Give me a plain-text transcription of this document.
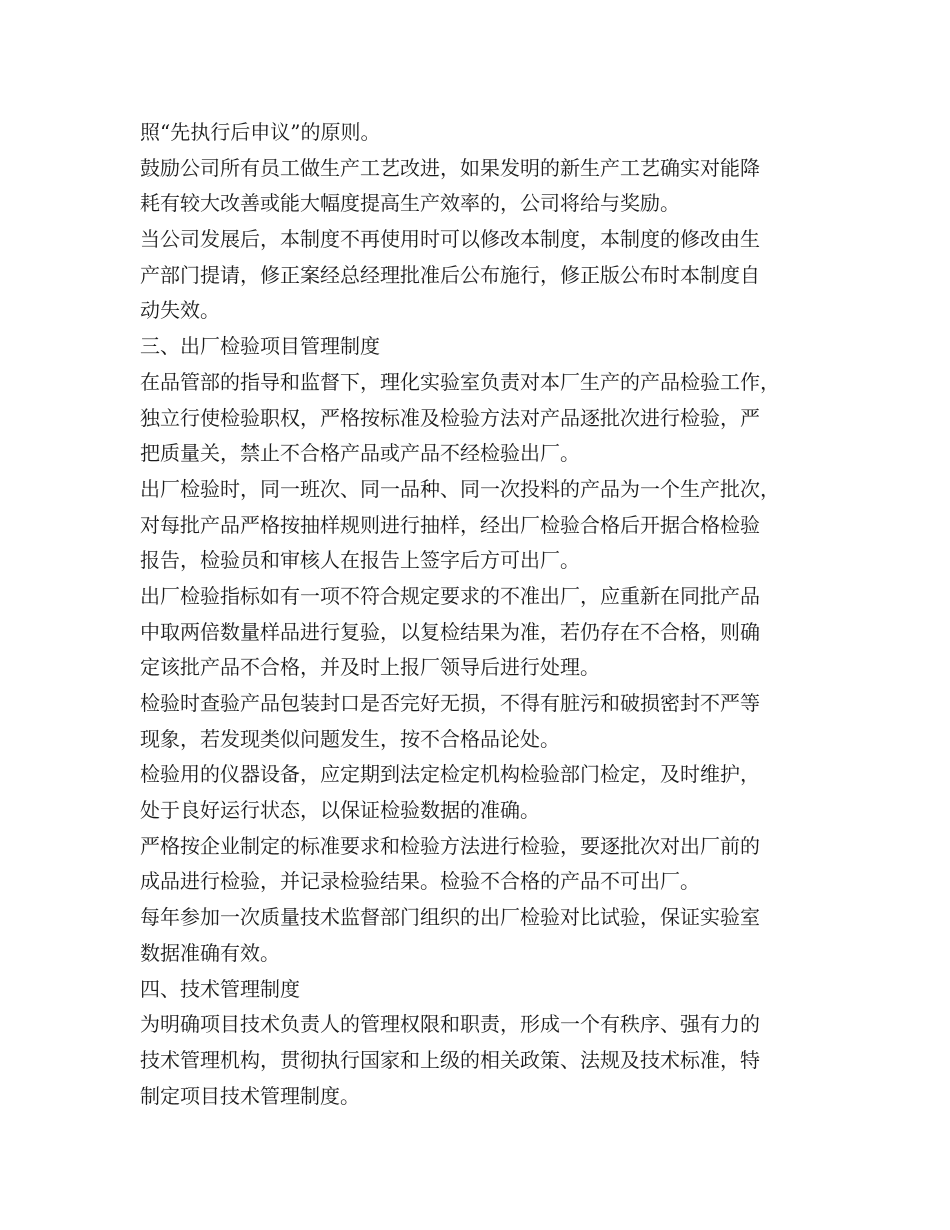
照“先执行后申议”的原则。
鼓励公司所有员工做生产工艺改进，如果发明的新生产工艺确实对能降
耗有较大改善或能大幅度提高生产效率的，公司将给与奖励。
当公司发展后，本制度不再使用时可以修改本制度，本制度的修改由生
产部门提请，修正案经总经理批准后公布施行，修正版公布时本制度自
动失效。
三、出厂检验项目管理制度
在品管部的指导和监督下，理化实验室负责对本厂生产的产品检验工作，
独立行使检验职权，严格按标准及检验方法对产品逐批次进行检验，严
把质量关，禁止不合格产品或产品不经检验出厂。
出厂检验时，同一班次、同一品种、同一次投料的产品为一个生产批次，
对每批产品严格按抽样规则进行抽样，经出厂检验合格后开据合格检验
报告，检验员和审核人在报告上签字后方可出厂。
出厂检验指标如有一项不符合规定要求的不准出厂，应重新在同批产品
中取两倍数量样品进行复验，以复检结果为准，若仍存在不合格，则确
定该批产品不合格，并及时上报厂领导后进行处理。
检验时查验产品包装封口是否完好无损，不得有脏污和破损密封不严等
现象，若发现类似问题发生，按不合格品论处。
检验用的仪器设备，应定期到法定检定机构检验部门检定，及时维护，
处于良好运行状态，以保证检验数据的准确。
严格按企业制定的标准要求和检验方法进行检验，要逐批次对出厂前的
成品进行检验，并记录检验结果。检验不合格的产品不可出厂。
每年参加一次质量技术监督部门组织的出厂检验对比试验，保证实验室
数据准确有效。
四、技术管理制度
为明确项目技术负责人的管理权限和职责，形成一个有秩序、强有力的
技术管理机构，贯彻执行国家和上级的相关政策、法规及技术标准，特
制定项目技术管理制度。
